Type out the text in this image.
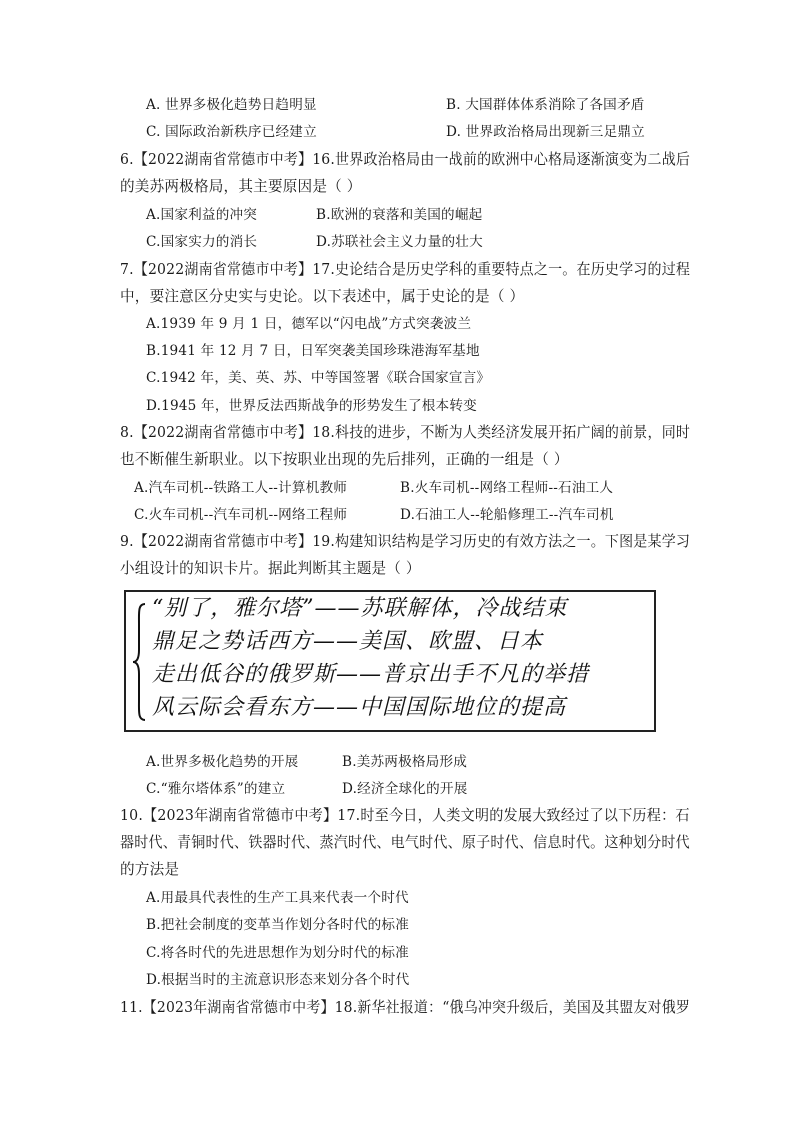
A. 世界多极化趋势日趋明显	B. 大国群体体系消除了各国矛盾
C. 国际政治新秩序已经建立	D. 世界政治格局出现新三足鼎立
6.【2022湖南省常德市中考】16.世界政治格局由一战前的欧洲中心格局逐渐演变为二战后
的美苏两极格局，其主要原因是（ ）
A.国家利益的冲突	B.欧洲的衰落和美国的崛起
C.国家实力的消长	D.苏联社会主义力量的壮大
7.【2022湖南省常德市中考】17.史论结合是历史学科的重要特点之一。在历史学习的过程
中，要注意区分史实与史论。以下表述中，属于史论的是（ ）
A.1939 年 9 月 1 日，德军以“闪电战”方式突袭波兰
B.1941 年 12 月 7 日，日军突袭美国珍珠港海军基地
C.1942 年，美、英、苏、中等国签署《联合国家宣言》
D.1945 年，世界反法西斯战争的形势发生了根本转变
8.【2022湖南省常德市中考】18.科技的进步，不断为人类经济发展开拓广阔的前景，同时
也不断催生新职业。以下按职业出现的先后排列，正确的一组是（ ）
A.汽车司机--铁路工人--计算机教师	B.火车司机--网络工程师--石油工人
C.火车司机--汽车司机--网络工程师	D.石油工人--轮船修理工--汽车司机
9.【2022湖南省常德市中考】19.构建知识结构是学习历史的有效方法之一。下图是某学习
小组设计的知识卡片。据此判断其主题是（ ）
“别了，雅尔塔”——苏联解体，冷战结束
鼎足之势话西方——美国、欧盟、日本
走出低谷的俄罗斯——普京出手不凡的举措
风云际会看东方——中国国际地位的提高
A.世界多极化趋势的开展	B.美苏两极格局形成
C.“雅尔塔体系”的建立	D.经济全球化的开展
10.【2023年湖南省常德市中考】17.时至今日，人类文明的发展大致经过了以下历程：石
器时代、青铜时代、铁器时代、蒸汽时代、电气时代、原子时代、信息时代。这种划分时代
的方法是
A.用最具代表性的生产工具来代表一个时代
B.把社会制度的变革当作划分各时代的标准
C.将各时代的先进思想作为划分时代的标准
D.根据当时的主流意识形态来划分各个时代
11.【2023年湖南省常德市中考】18.新华社报道：“俄乌冲突升级后，美国及其盟友对俄罗
